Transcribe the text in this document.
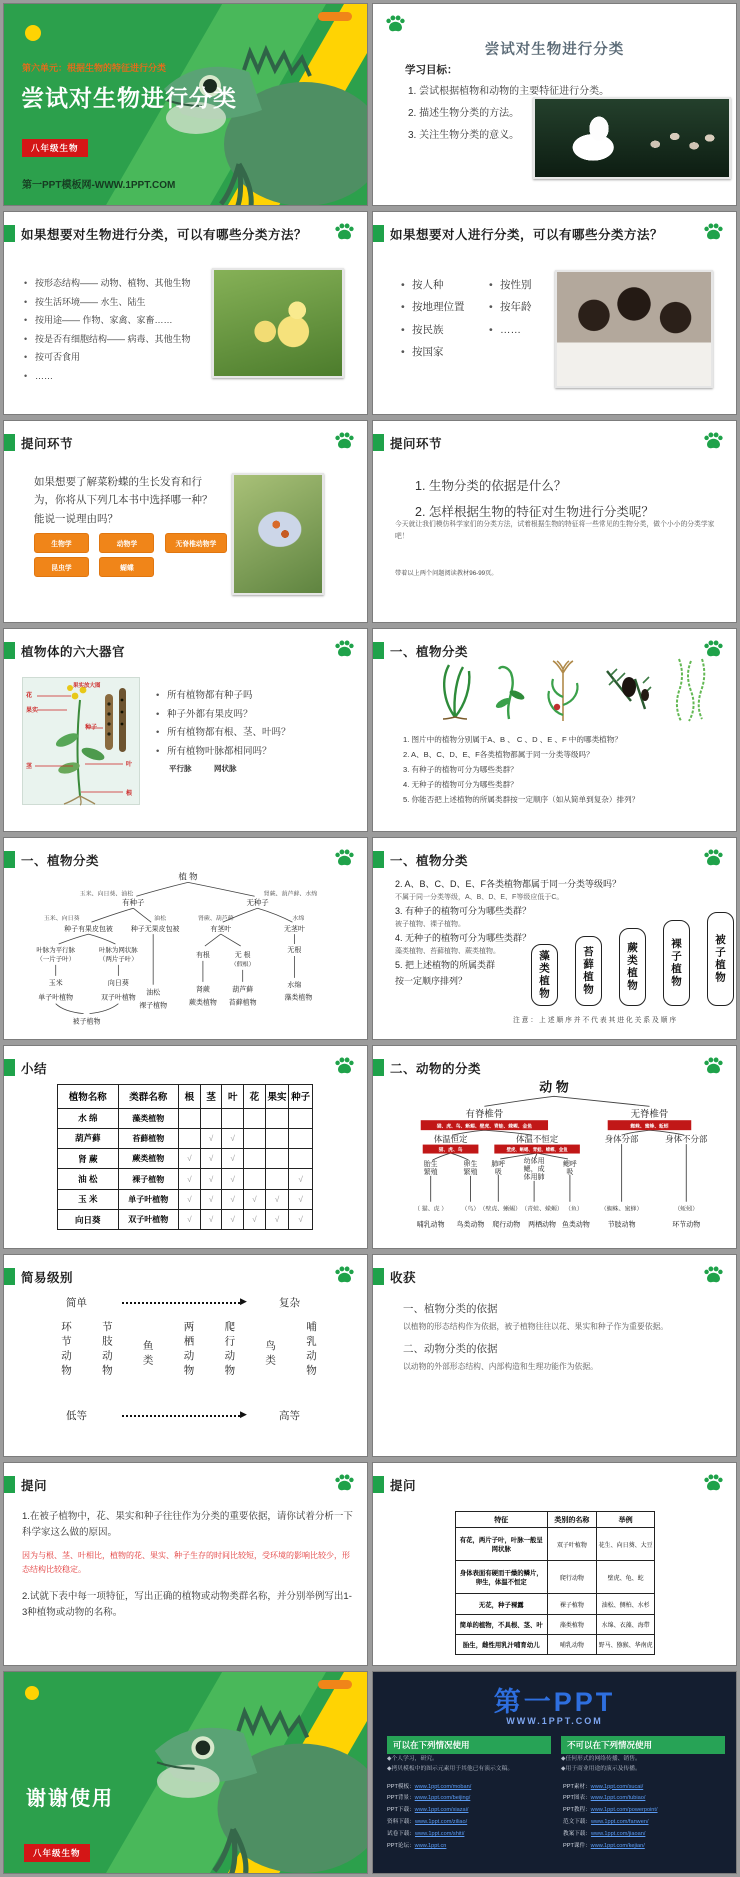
第六单元：根据生物的特征进行分类
尝试对生物进行分类
八年级生物
第一PPT模板网-WWW.1PPT.COM
尝试对生物进行分类
学习目标：
1. 尝试根据植物和动物的主要特征进行分类。
2. 描述生物分类的方法。
3. 关注生物分类的意义。
如果想要对生物进行分类，可以有哪些分类方法？
• 按形态结构—— 动物、植物、其他生物
• 按生活环境—— 水生、陆生
• 按用途—— 作物、家禽、家畜……
• 按是否有细胞结构—— 病毒、其他生物
• 按可否食用
• ……
如果想要对人进行分类，可以有哪些分类方法？
• 按人种
• 按地理位置
• 按民族
• 按国家
• 按性别
• 按年龄
• ……
提问环节
如果想要了解菜粉蝶的生长发育和行为，你将从下列几本书中选择哪一种？能说一说理由吗？
生物学	动物学	无脊椎动物学
昆虫学	蝴蝶
提问环节
今天就让我们模仿科学家们的分类方法，试着根据生物的特征将一些常见的生物分类，做个小小的分类学家吧！
1. 生物分类的依据是什么？
2. 怎样根据生物的特征对生物进行分类呢？
带着以上两个问题阅读教材96-99页。
植物体的六大器官
花
果实
茎
果实放大图
种子
叶
根
• 所有植物都有种子吗
• 种子外都有果皮吗？
• 所有植物都有根、茎、叶吗？
• 所有植物叶脉都相同吗？
平行脉	网状脉
一、植物分类
1. 图片中的植物分别属于A、B 、 C 、D 、E 、F 中的哪类植物？
2. A、B、C、D、E、F各类植物都属于同一分类等级吗？
3. 有种子的植物可分为哪些类群？
4. 无种子的植物可分为哪些类群？
5. 你能否把上述植物的所属类群按一定顺序（如从简单到复杂）排列？
一、植物分类
植 物
玉米、向日葵、油松
有种子	无种子
肾蕨、葫芦藓、水绵
玉米、向日葵
种子有果皮包被
油松
种子无果皮包被
肾蕨、葫芦藓
有茎叶
水绵
无茎叶
叶脉为平行脉
（一片子叶）
叶脉为网状脉
（两片子叶）
有根	无 根
（假根）
无根
玉米	向日葵
油松	肾蕨	葫芦藓
水绵
单子叶植物	双子叶植物
被子植物
裸子植物	蕨类植物 苔藓植物
藻类植物
一、植物分类
2. A、B、C、D、E、F各类植物都属于同一分类等级吗？
不属于同一分类等级，A、B、D、E、F等级应低于C。
3. 有种子的植物可分为哪些类群？
被子植物、裸子植物。
4. 无种子的植物可分为哪些类群？
藻类植物、苔藓植物、蕨类植物。
5. 把上述植物的所属类群
按一定顺序排列？	藻类植物	苔藓植物	蕨类植物	裸子植物	被子植物
注 意 ： 上 述 顺 序 并 不 代 表 其 进 化 关 系 及 顺 序
小结
植物名称	类群名称	根	茎	叶	花	果实	种子
水 绵	藻类植物						
葫芦藓	苔藓植物		√	√			
肾 蕨	蕨类植物	√	√	√			
油 松	裸子植物	√	√	√			√
玉 米	单子叶植物	√	√	√	√	√	√
向日葵	双子叶植物	√	√	√	√	√	√
二、动物的分类
动 物
有脊椎骨	无脊椎骨
猫、虎、鸟、蜥蜴、壁虎、青蛙、蝾螈、金鱼	蜘蛛、蜜蜂、蚯蚓
体温恒定	体温不恒定	身体分部	身体不分部
猫、虎、鸟	壁虎、蜥蜴、青蛙、蝾螈、金鱼
胎生
繁殖
卵生
繁殖
肺呼
吸
幼体用
鳃，成
体用肺
鳃呼
吸
（ 猫、虎 ） （鸟） （壁虎、蜥蜴） （青蛙、蝾螈） （鱼）	（蜘蛛、蜜蜂）	（蚯蚓）
哺乳动物 鸟类动物 爬行动物 两栖动物 鱼类动物	节肢动物	环节动物
简易级别
简单	▶	复杂
环节动物	节肢动物	鱼类	两栖动物	爬行动物	鸟类	哺乳动物
低等	▶	高等
收获
一、植物分类的依据
以植物的形态结构作为依据，被子植物往往以花、果实和种子作为重要依据。
二、动物分类的依据
以动物的外部形态结构、内部构造和生理功能作为依据。
提问
1.在被子植物中，花、果实和种子往往作为分类的重要依据，请你试着分析一下科学家这么做的原因。
因为与根、茎、叶相比，植物的花、果实、种子生存的时间比较短，受环境的影响比较少，形态结构比较稳定。
2.试就下表中每一项特征，写出正确的植物或动物类群名称，并分别举例写出1-3种植物或动物的名称。
提问
特征	类别的名称	举例
有花，两片子叶，叶脉一般呈网状脉	双子叶植物	花生、向日葵、大豆
身体表面有硬而干燥的鳞片，卵生，体温不恒定	爬行动物	壁虎、龟、蛇
无花，种子裸露	裸子植物	油松、侧柏、水杉
简单的植物，不具根、茎、叶	藻类植物	水绵、衣藻、海带
胎生，雌性用乳汁哺育幼儿	哺乳动物	野马、猕猴、华南虎
谢谢使用
八年级生物
第一PPT
WWW.1PPT.COM
可以在下列情况使用	不可以在下列情况使用
◆个人学习，研究。
◆拷贝模板中的图示元素用于其他已有演示文稿。
◆任何形式的网络传播、销售。
◆用于商业用途的演示及传播。
PPT模板：www.1ppt.com/moban/	PPT素材：www.1ppt.com/sucai/
PPT背景：www.1ppt.com/beijing/	PPT图表：www.1ppt.com/tubiao/
PPT下载：www.1ppt.com/xiazai/	PPT教程：www.1ppt.com/powerpoint/
资料下载：www.1ppt.com/ziliao/	范文下载：www.1ppt.com/fanwen/
试卷下载：www.1ppt.com/shiti/	教案下载：www.1ppt.com/jiaoan/
PPT论坛：www.1ppt.cn	PPT课件：www.1ppt.com/kejian/
